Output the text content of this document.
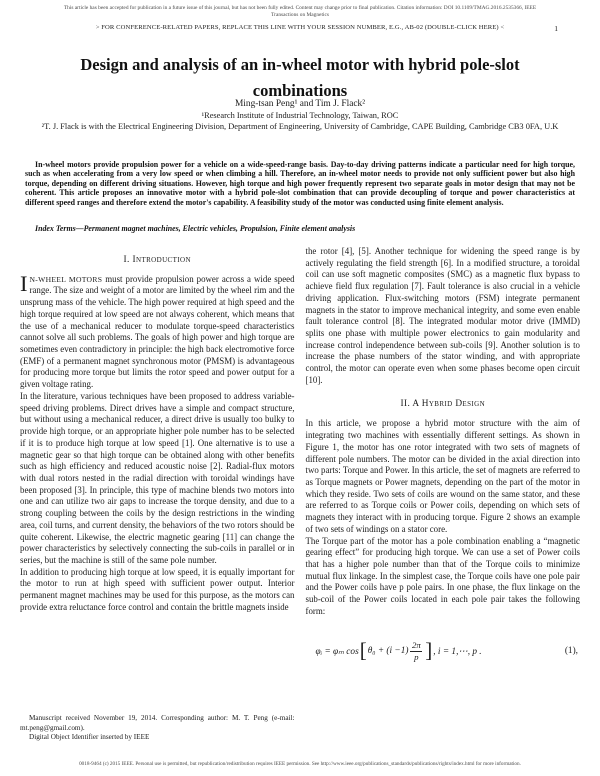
This article has been accepted for publication in a future issue of this journal, but has not been fully edited. Content may change prior to final publication. Citation information: DOI 10.1109/TMAG.2016.2535366, IEEE
Transactions on Magnetics
> FOR CONFERENCE-RELATED PAPERS, REPLACE THIS LINE WITH YOUR SESSION NUMBER, E.G., AB-02 (DOUBLE-CLICK HERE) <	1
Design and analysis of an in-wheel motor with hybrid pole-slot combinations
Ming-tsan Peng¹ and Tim J. Flack²
¹Research Institute of Industrial Technology, Taiwan, ROC
²T. J. Flack is with the Electrical Engineering Division, Department of Engineering, University of Cambridge, CAPE Building, Cambridge CB3 0FA, U.K

In-wheel motors provide propulsion power for a vehicle on a wide-speed-range basis. Day-to-day driving patterns indicate a particular need for high torque, such as when accelerating from a very low speed or when climbing a hill. Therefore, an in-wheel motor needs to provide not only sufficient power but also high torque, depending on different driving situations. However, high torque and high power frequently represent two separate goals in motor design that may not be coherent. This article proposes an innovative motor with a hybrid pole-slot combination that can provide decoupling of torque and power characteristics at different speed ranges and therefore extend the motor's capability. A feasibility study of the motor was conducted using finite element analysis.

Index Terms—Permanent magnet machines, Electric vehicles, Propulsion, Finite element analysis

I. Introduction

I N-WHEEL MOTORS must provide propulsion power across a wide speed range. The size and weight of a motor are limited by the wheel rim and the unsprung mass of the vehicle. The high power required at high speed and the high torque required at low speed are not always coherent, which means that the use of a mechanical reducer to modulate torque-speed characteristics cannot solve all such problems. The goals of high power and high torque are sometimes even contradictory in principle: the high back electromotive force (EMF) of a permanent magnet synchronous motor (PMSM) is advantageous for producing more torque but limits the rotor speed and power output for a given voltage rating.

In the literature, various techniques have been proposed to address variable-speed driving problems. Direct drives have a simple and compact structure, but without using a mechanical reducer, a direct drive is usually too bulky to provide high torque, or an appropriate higher pole number has to be selected if it is to produce high torque at low speed [1]. One alternative is to use a magnetic gear so that high torque can be obtained along with other benefits such as high efficiency and reduced acoustic noise [2]. Radial-flux motors with dual rotors nested in the radial direction with toroidal windings have been proposed [3]. In principle, this type of machine blends two motors into one and can utilize two air gaps to increase the torque density, and due to a strong coupling between the coils by the design restrictions in the winding area, coil turns, and current density, the behaviors of the two rotors should be quite coherent. Likewise, the electric magnetic gearing [11] can change the power characteristics by selectively connecting the sub-coils in parallel or in series, but the machine is still of the same pole number.

In addition to producing high torque at low speed, it is equally important for the motor to run at high speed with sufficient power output. Interior permanent magnet machines may be used for this purpose, as the motors can provide extra reluctance force control and contain the brittle magnets inside

Manuscript received November 19, 2014. Corresponding author: M. T. Peng (e-mail: mt.peng@gmail.com).

Digital Object Identifier inserted by IEEE

the rotor [4], [5]. Another technique for widening the speed range is by actively regulating the field strength [6]. In a modified structure, a toroidal coil can use soft magnetic composites (SMC) as a magnetic flux bypass to achieve field flux regulation [7]. Fault tolerance is also crucial in a vehicle driving application. Flux-switching motors (FSM) integrate permanent magnets in the stator to improve mechanical integrity, and some even enable fault tolerance control [8]. The integrated modular motor drive (IMMD) splits one phase with multiple power electronics to gain modularity and increase control independence between sub-coils [9]. Another solution is to increase the phase numbers of the stator winding, and with appropriate control, the motor can operate even when some phases become open circuit [10].

II. A Hybrid Design

In this article, we propose a hybrid motor structure with the aim of integrating two machines with essentially different settings. As shown in Figure 1, the motor has one rotor integrated with two sets of magnets of different pole numbers. The motor can be divided in the axial direction into two parts: Torque and Power. In this article, the set of magnets are referred to as Torque magnets or Power magnets, depending on the part of the motor in which they reside. Two sets of coils are wound on the same stator, and these are referred to as Torque coils or Power coils, depending on which sets of magnets they interact with in producing torque. Figure 2 shows an example of two sets of windings on a stator core.

The Torque part of the motor has a pole combination enabling a “magnetic gearing effect” for producing high torque. We can use a set of Power coils that has a higher pole number than that of the Torque coils to minimize mutual flux linkage. In the simplest case, the Torque coils have one pole pair and the Power coils have p pole pairs. In one phase, the flux linkage on the sub-coil of the Power coils located in each pole pair takes the following form:

φᵢ = φₘ cos [ $\theta_0 + (i -1) \frac{2\pi}{p}$ ] , i = 1,⋯, p .	(1),
0018-9464 (c) 2015 IEEE. Personal use is permitted, but republication/redistribution requires IEEE permission. See http://www.ieee.org/publications_standards/publications/rights/index.html for more information.
